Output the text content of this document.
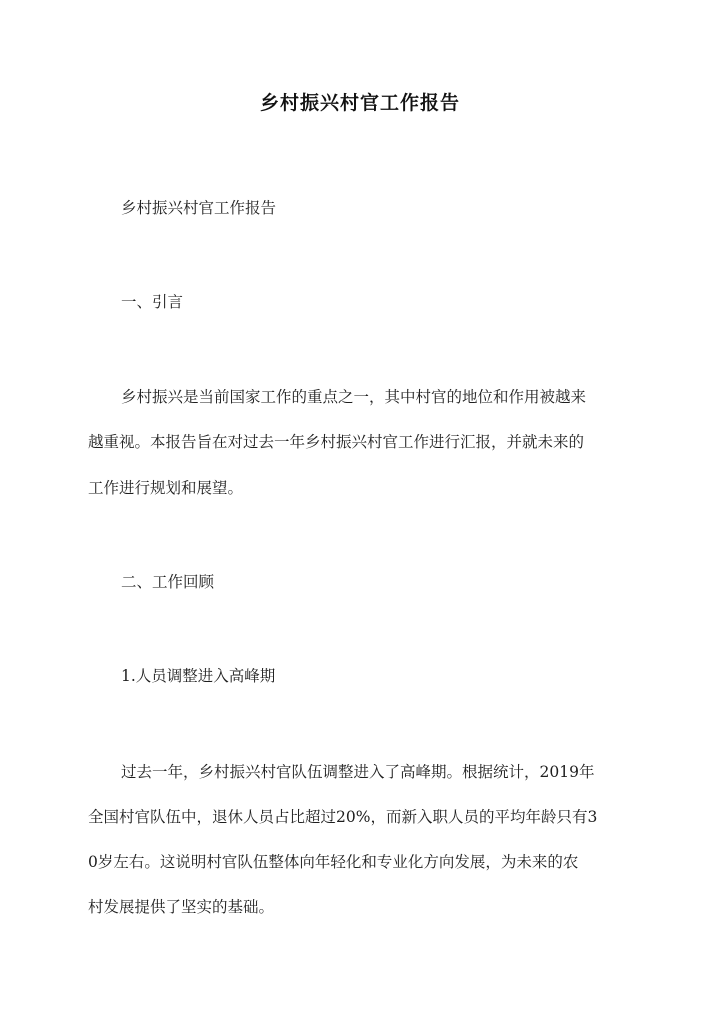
乡村振兴村官工作报告
乡村振兴村官工作报告
一、引言
乡村振兴是当前国家工作的重点之一，其中村官的地位和作用被越来
越重视。本报告旨在对过去一年乡村振兴村官工作进行汇报，并就未来的
工作进行规划和展望。
二、工作回顾
1.人员调整进入高峰期
过去一年，乡村振兴村官队伍调整进入了高峰期。根据统计，2019年
全国村官队伍中，退休人员占比超过20%，而新入职人员的平均年龄只有3
0岁左右。这说明村官队伍整体向年轻化和专业化方向发展，为未来的农
村发展提供了坚实的基础。
